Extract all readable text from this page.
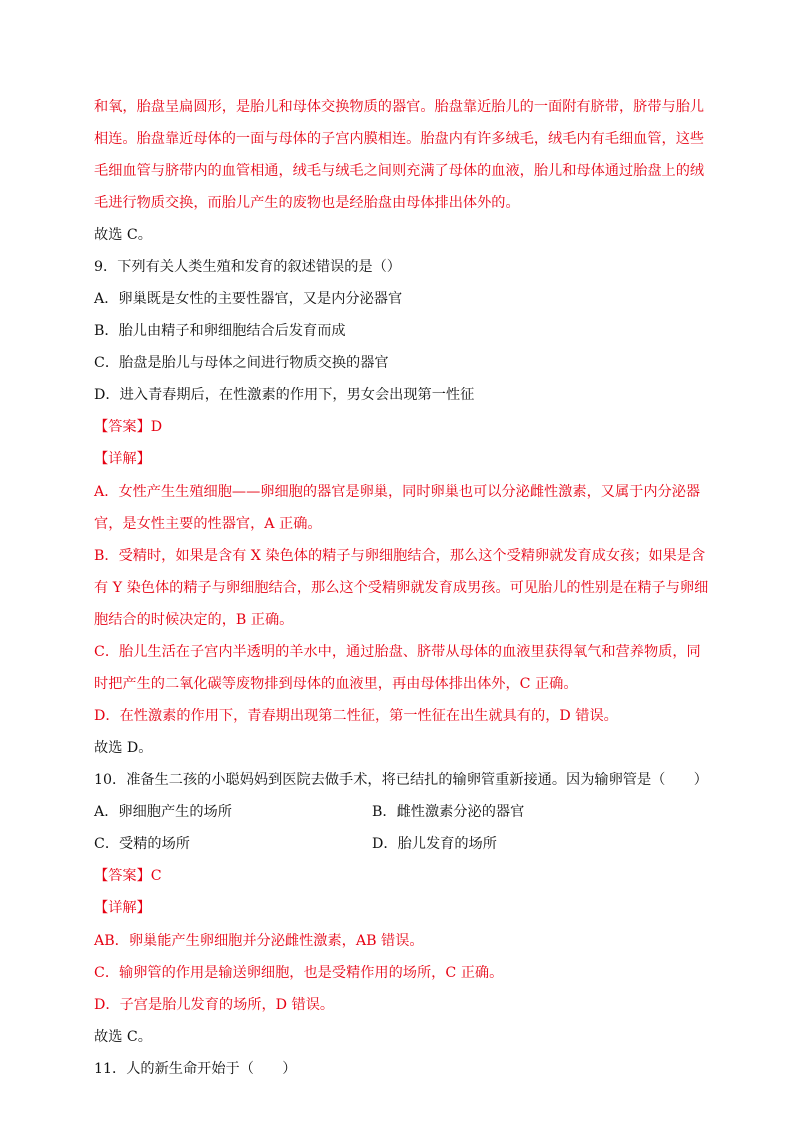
和氧，胎盘呈扁圆形，是胎儿和母体交换物质的器官。胎盘靠近胎儿的一面附有脐带，脐带与胎儿
相连。胎盘靠近母体的一面与母体的子宫内膜相连。胎盘内有许多绒毛，绒毛内有毛细血管，这些
毛细血管与脐带内的血管相通，绒毛与绒毛之间则充满了母体的血液，胎儿和母体通过胎盘上的绒
毛进行物质交换，而胎儿产生的废物也是经胎盘由母体排出体外的。
故选 C。
9．下列有关人类生殖和发育的叙述错误的是（）
A．卵巢既是女性的主要性器官，又是内分泌器官
B．胎儿由精子和卵细胞结合后发育而成
C．胎盘是胎儿与母体之间进行物质交换的器官
D．进入青春期后，在性激素的作用下，男女会出现第一性征
【答案】D
【详解】
A．女性产生生殖细胞——卵细胞的器官是卵巢，同时卵巢也可以分泌雌性激素，又属于内分泌器
官，是女性主要的性器官，A 正确。
B．受精时，如果是含有 X 染色体的精子与卵细胞结合，那么这个受精卵就发育成女孩；如果是含
有 Y 染色体的精子与卵细胞结合，那么这个受精卵就发育成男孩。可见胎儿的性别是在精子与卵细
胞结合的时候决定的，B 正确。
C．胎儿生活在子宫内半透明的羊水中，通过胎盘、脐带从母体的血液里获得氧气和营养物质，同
时把产生的二氧化碳等废物排到母体的血液里，再由母体排出体外，C 正确。
D．在性激素的作用下，青春期出现第二性征，第一性征在出生就具有的，D 错误。
故选 D。
10．准备生二孩的小聪妈妈到医院去做手术，将已结扎的输卵管重新接通。因为输卵管是（　　）
A．卵细胞产生的场所	B．雌性激素分泌的器官
C．受精的场所	D．胎儿发育的场所
【答案】C
【详解】
AB．卵巢能产生卵细胞并分泌雌性激素，AB 错误。
C．输卵管的作用是输送卵细胞，也是受精作用的场所，C 正确。
D．子宫是胎儿发育的场所，D 错误。
故选 C。
11．人的新生命开始于（　　）
